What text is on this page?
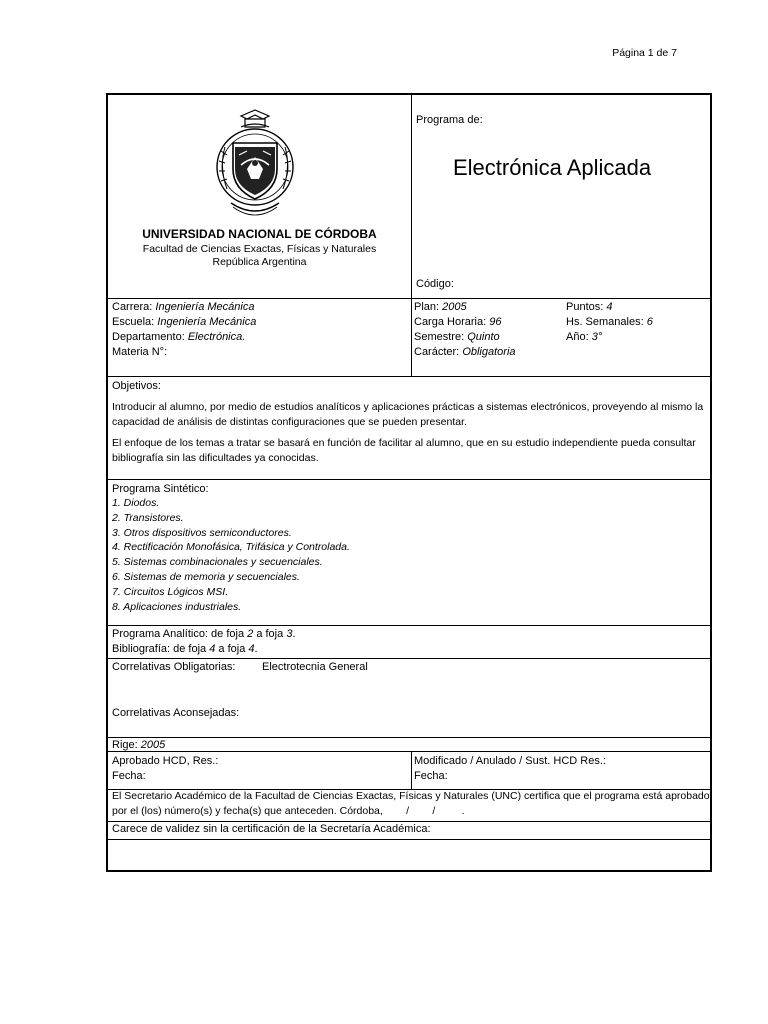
Página 1 de 7
UNIVERSIDAD NACIONAL DE CÓRDOBA
Facultad de Ciencias Exactas, Físicas y Naturales
República Argentina
Programa de:
Electrónica Aplicada
Código:
Carrera: Ingeniería Mecánica
Escuela: Ingeniería Mecánica
Departamento: Electrónica.
Materia N°:
Plan: 2005
Carga Horaria: 96
Semestre: Quinto
Carácter: Obligatoria
Puntos: 4
Hs. Semanales: 6
Año: 3°
Objetivos:
Introducir al alumno, por medio de estudios analíticos y aplicaciones prácticas a sistemas electrónicos, proveyendo al mismo la capacidad de análisis de distintas configuraciones que se pueden presentar.
El enfoque de los temas a tratar se basará en función de facilitar al alumno, que en su estudio independiente pueda consultar bibliografía sin las dificultades ya conocidas.
Programa Sintético:
1. Diodos.
2. Transistores.
3. Otros dispositivos semiconductores.
4. Rectificación Monofásica, Trifásica y Controlada.
5. Sistemas combinacionales y secuenciales.
6. Sistemas de memoria y secuenciales.
7. Circuitos Lógicos MSI.
8. Aplicaciones industriales.
Programa Analítico: de foja 2 a foja 3.
Bibliografía: de foja 4 a foja 4.
Correlativas Obligatorias: Electrotecnia General
Correlativas Aconsejadas:
Rige: 2005
Aprobado HCD, Res.:
Fecha:
Modificado / Anulado / Sust. HCD Res.:
Fecha:
El Secretario Académico de la Facultad de Ciencias Exactas, Físicas y Naturales (UNC) certifica que el programa está aprobado
por el (los) número(s) y fecha(s) que anteceden. Córdoba,        /        /         .
Carece de validez sin la certificación de la Secretaría Académica:
